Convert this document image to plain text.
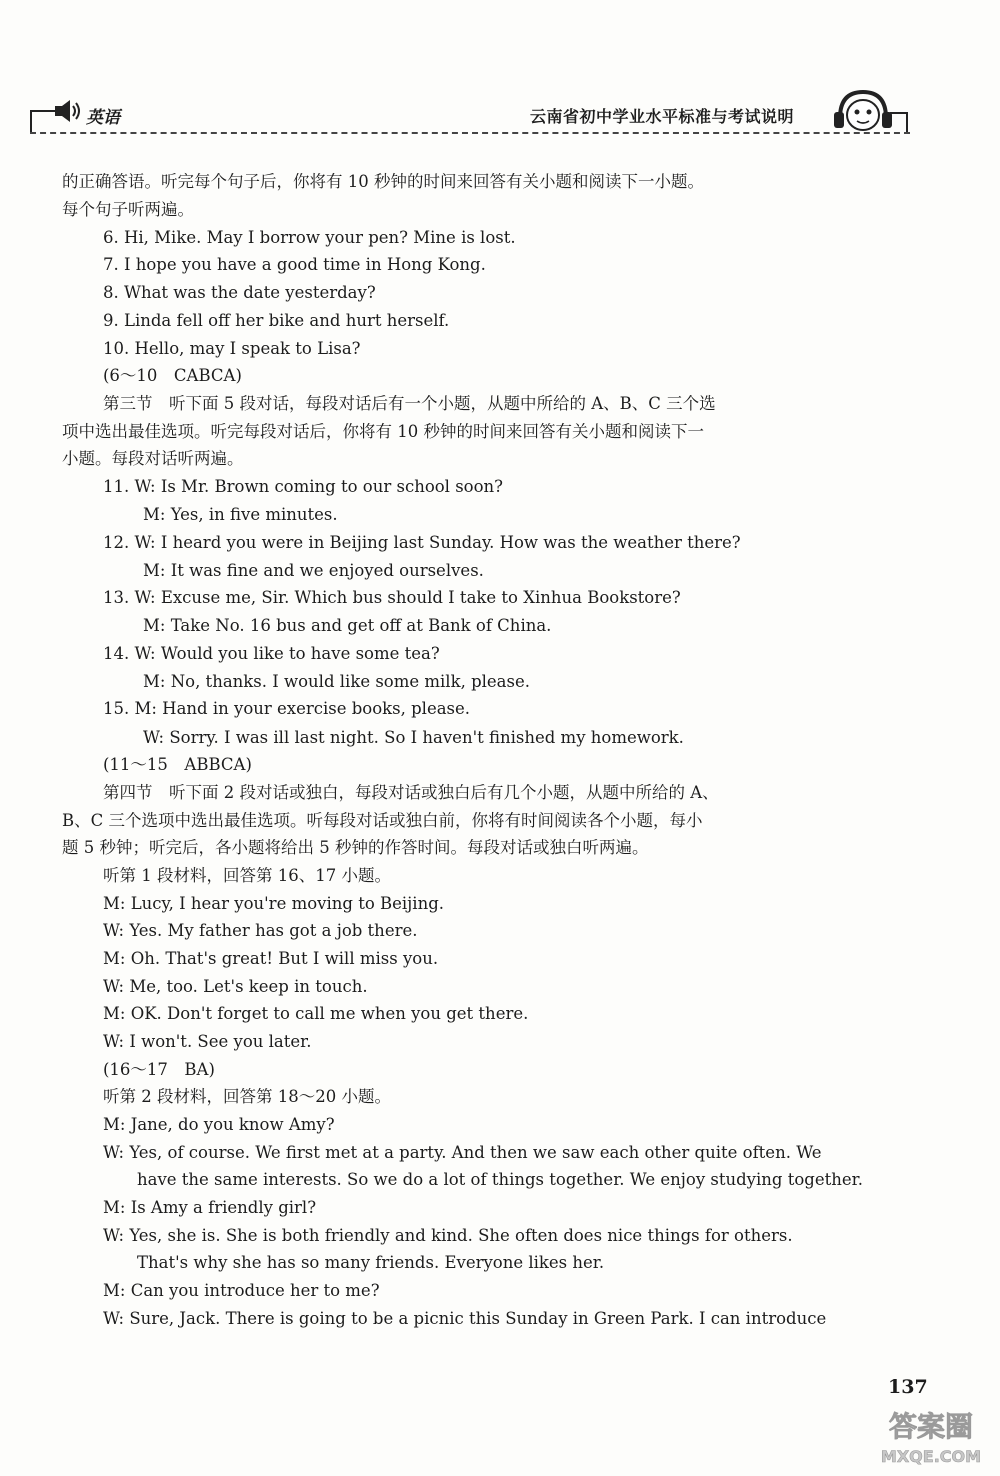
英语	云南省初中学业水平标准与考试说明
的正确答语。听完每个句子后，你将有 10 秒钟的时间来回答有关小题和阅读下一小题。
每个句子听两遍。
6. Hi, Mike. May I borrow your pen? Mine is lost.
7. I hope you have a good time in Hong Kong.
8. What was the date yesterday?
9. Linda fell off her bike and hurt herself.
10. Hello, may I speak to Lisa?
(6～10　CABCA)
第三节　听下面 5 段对话，每段对话后有一个小题，从题中所给的 A、B、C 三个选
项中选出最佳选项。听完每段对话后，你将有 10 秒钟的时间来回答有关小题和阅读下一
小题。每段对话听两遍。
11. W: Is Mr. Brown coming to our school soon?
M: Yes, in five minutes.
12. W: I heard you were in Beijing last Sunday. How was the weather there?
M: It was fine and we enjoyed ourselves.
13. W: Excuse me, Sir. Which bus should I take to Xinhua Bookstore?
M: Take No. 16 bus and get off at Bank of China.
14. W: Would you like to have some tea?
M: No, thanks. I would like some milk, please.
15. M: Hand in your exercise books, please.
W: Sorry. I was ill last night. So I haven't finished my homework.
(11～15　ABBCA)
第四节　听下面 2 段对话或独白，每段对话或独白后有几个小题，从题中所给的 A、
B、C 三个选项中选出最佳选项。听每段对话或独白前，你将有时间阅读各个小题，每小
题 5 秒钟；听完后，各小题将给出 5 秒钟的作答时间。每段对话或独白听两遍。
听第 1 段材料，回答第 16、17 小题。
M: Lucy, I hear you're moving to Beijing.
W: Yes. My father has got a job there.
M: Oh. That's great! But I will miss you.
W: Me, too. Let's keep in touch.
M: OK. Don't forget to call me when you get there.
W: I won't. See you later.
(16～17　BA)
听第 2 段材料，回答第 18～20 小题。
M: Jane, do you know Amy?
W: Yes, of course. We first met at a party. And then we saw each other quite often. We
have the same interests. So we do a lot of things together. We enjoy studying together.
M: Is Amy a friendly girl?
W: Yes, she is. She is both friendly and kind. She often does nice things for others.
That's why she has so many friends. Everyone likes her.
M: Can you introduce her to me?
W: Sure, Jack. There is going to be a picnic this Sunday in Green Park. I can introduce
137
答案圈
MXQE.COM
